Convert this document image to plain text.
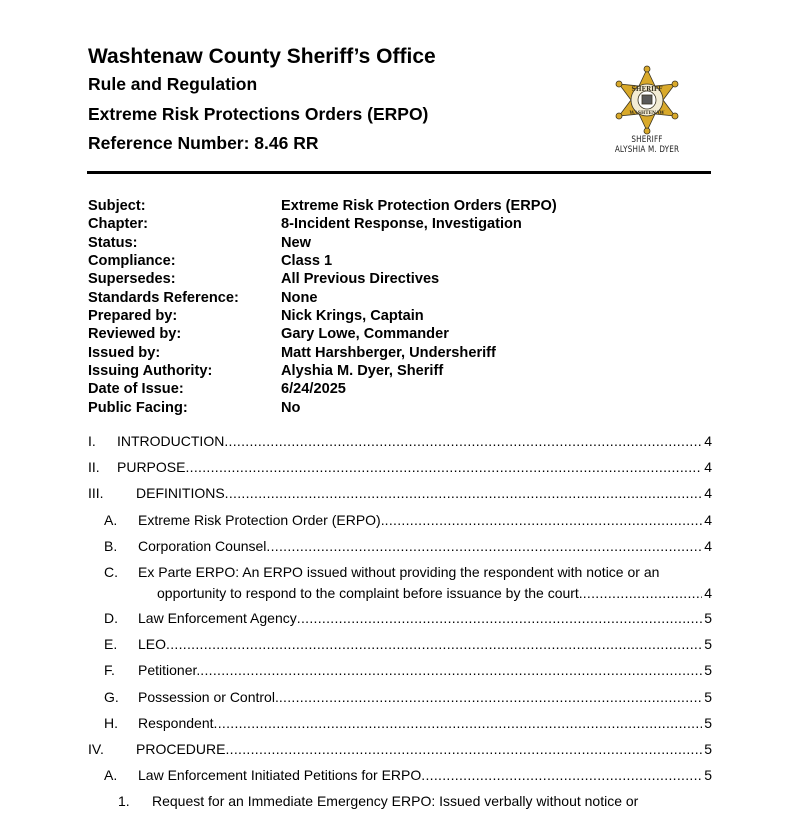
Washtenaw County Sheriff’s Office
Rule and Regulation
Extreme Risk Protections Orders (ERPO)
Reference Number: 8.46 RR
SHERIFF
WASHTENAW
SHERIFF
ALYSHIA M. DYER
Subject:	Extreme Risk Protection Orders (ERPO)
Chapter:	8-Incident Response, Investigation
Status:	New
Compliance:	Class 1
Supersedes:	All Previous Directives
Standards Reference:	None
Prepared by:	Nick Krings, Captain
Reviewed by:	Gary Lowe, Commander
Issued by:	Matt Harshberger, Undersheriff
Issuing Authority:	Alyshia M. Dyer, Sheriff
Date of Issue:	6/24/2025
Public Facing:	No
I.	INTRODUCTION .....	4
II.	PURPOSE .....	4
III.	DEFINITIONS .....	4
A.	Extreme Risk Protection Order (ERPO). .....	4
B.	Corporation Counsel .....	4
C.	Ex Parte ERPO: An ERPO issued without providing the respondent with notice or an
opportunity to respond to the complaint before issuance by the court. .....	4
D.	Law Enforcement Agency .....	5
E.	LEO .....	5
F.	Petitioner. .....	5
G.	Possession or Control. .....	5
H.	Respondent .....	5
IV.	PROCEDURE .....	5
A.	Law Enforcement Initiated Petitions for ERPO .....	5
1.	Request for an Immediate Emergency ERPO: Issued verbally without notice or
